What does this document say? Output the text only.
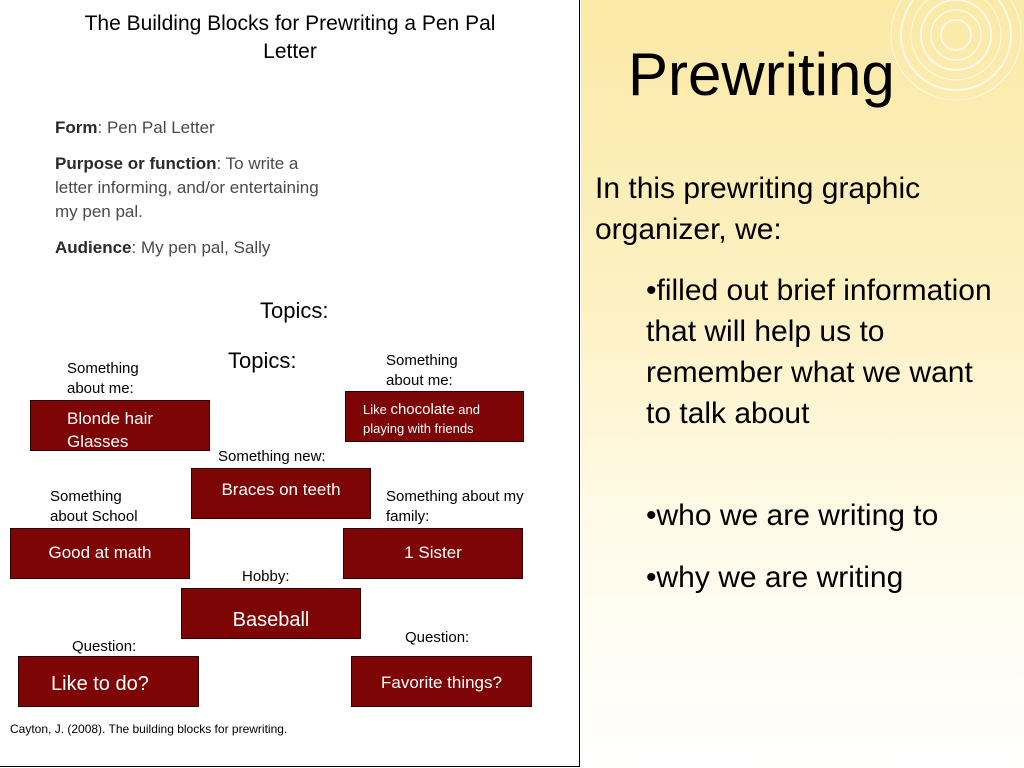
The Building Blocks for Prewriting a Pen Pal Letter
Form: Pen Pal Letter
Purpose or function: To write a letter informing, and/or entertaining my pen pal.
Audience: My pen pal, Sally
Topics:
Topics:
Something about me:
Something about me:
Something new:
Something about School
Something about my family:
Hobby:
Question:
Question:
Blonde hair
Glasses
Like chocolate and playing with friends
Braces on teeth
Good at math	1 Sister
Baseball
Like to do?	Favorite things?
Cayton, J. (2008). The building blocks for prewriting.
Prewriting
In this prewriting graphic organizer, we:
•filled out brief information that will help us to remember what we want to talk about
•who we are writing to
•why we are writing
